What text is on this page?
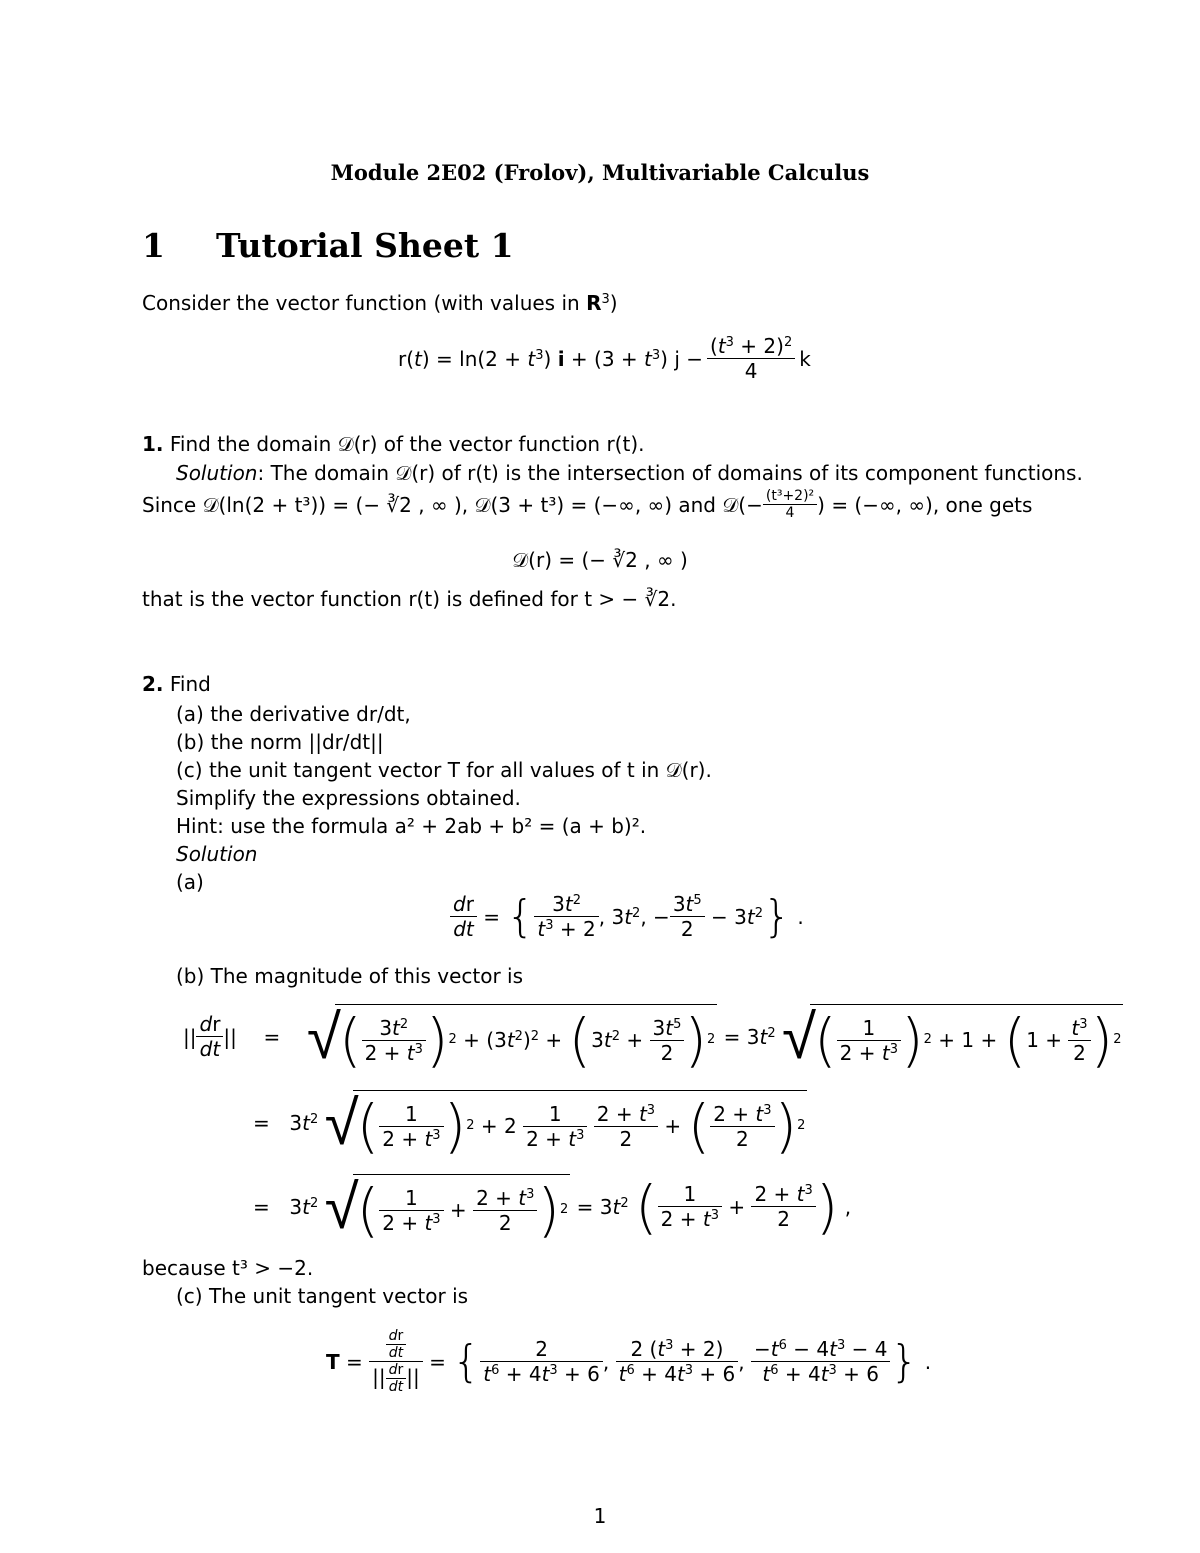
Module 2E02 (Frolov), Multivariable Calculus
1 Tutorial Sheet 1
Consider the vector function (with values in $R^3$)
$r(t) = \ln(2 + t^3)$ $i + (3 + t^3)$ $j - \frac{(t^3 + 2)^2}{4}$ k
1. Find the domain 𝒟(r) of the vector function r(t).
Solution: The domain 𝒟(r) of r(t) is the intersection of domains of its component functions.
Since 𝒟(ln(2 + t³)) = (− ∛2 , ∞ ), 𝒟(3 + t³) = (−∞, ∞) and 𝒟(− $\frac{\text{(t³+2)²}}{4}$ ) = (−∞, ∞), one gets
𝒟(r) = (− ∛2 , ∞ )
that is the vector function r(t) is defined for t > − ∛2.
2. Find
(a) the derivative dr/dt,
(b) the norm ||dr/dt||
(c) the unit tangent vector T for all values of t in 𝒟(r).
Simplify the expressions obtained.
Hint: use the formula a² + 2ab + b² = (a + b)².
Solution
(a)
$\frac{dr}{dt}$ = { $\frac{3t^2}{t^3 + 2}$ , $3t^2$, − $\frac{3t^5}{2} - 3t^2$ } .
(b) The magnitude of this vector is
|| $\frac{dr}{dt}$ ||	= √
( $\frac{3t^2}{2 + t^3}$ ) $2 + (3t^2)^2$ + ( $3t^2 + \frac{3t^5}{2}$ ) $2 = 3t^2$ √
( $\frac{1}{2 + t^3}$ ) 2 + 1 + ( $1 + \frac{t^3}{2}$ ) 2
= $3t^2$ √
( $\frac{1}{2 + t^3}$ ) $2 + 2 \frac{1}{2 + t^3}$
$\frac{2 + t^3}{2}$ + ( $\frac{2 + t^3}{2}$ ) 2
= $3t^2$ √
( $\frac{1}{2 + t^3} + \frac{2 + t^3}{2}$ ) $2 = 3t^2$ ( $\frac{1}{2 + t^3} + \frac{2 + t^3}{2}$ ) ,
because t³ > −2.
(c) The unit tangent vector is
$T = \frac{\frac{dr}{dt}}{|| \frac{dr}{dt} ||}$ = { $\frac{2}{t^6 + 4t^3 + 6}$ , $\frac{2 (t^3 + 2)}{t^6 + 4t^3 + 6}$ , $\frac{-t^6 - 4t^3 - 4}{t^6 + 4t^3 + 6}$ } .
1
